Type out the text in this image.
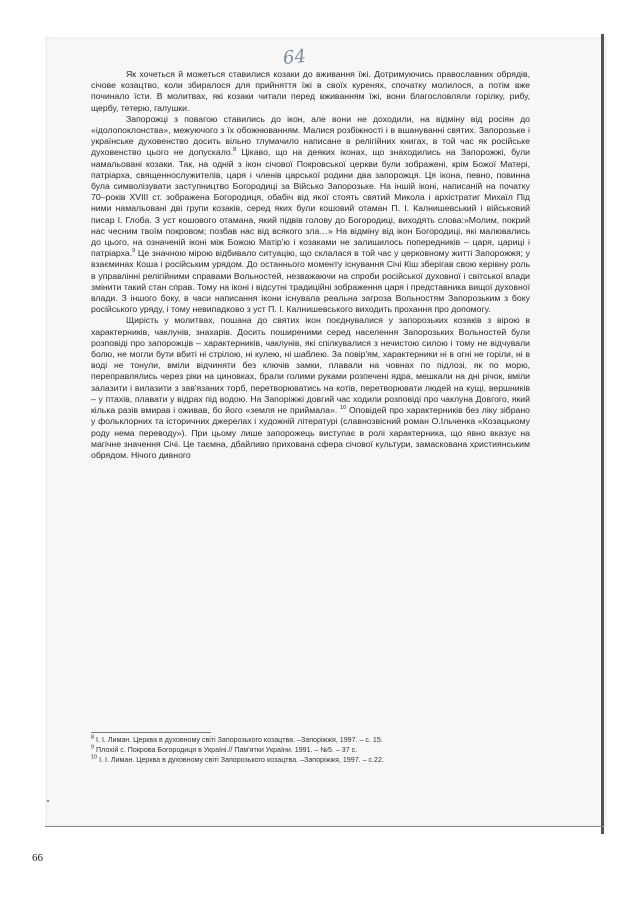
64

Як хочеться й можеться ставилися козаки до вживання їжі. Дотримуючись православних обрядів, січове козацтво, коли збиралося для прийняття їжі в своїх куренях, спочатку молилося, а потім вже починало їсти. В молитвах, які козаки читали перед вживанням їжі, вони благословляли горілку, рибу, щербу, тетерю, галушки.

Запорожці з повагою ставились до ікон, але вони не доходили, на відміну від росіян до «ідолопоклонства», межуючого з їх обожнюванням. Малися розбіжності і в вшануванні святих. Запорозьке і українське духовенство досить вільно тлумачило написане в релігійних книгах, в той час як російське духовенство цього не допускало.$^8$ Цікаво, що на деяких іконах, що знаходились на Запорожжі, були намальовані козаки. Так, на одній з ікон січової Покровської церкви були зображені, крім Божої Матері, патріарха, священнослужителів, царя і членів царської родини два запорожця. Ця ікона, певно, повинна була символізувати заступництво Богородиці за Військо Запорозьке. На іншій іконі, написаній на початку 70–років XVIII ст. зображена Богородиця, обабіч від якої стоять святий Микола і архістратиг Михаїл Під ними намальовані дві групи козаків, серед яких були кошовий отаман П. І. Калнишевський і військовий писар І. Глоба. З уст кошового отамана, який підвів голову до Богородиці, виходять слова:»Молим, покрий нас чесним твоїм покровом; позбав нас від всякого зла…» На відміну від ікон Богородиці, які малювались до цього, на означеній іконі між Божою Матір'ю і козаками не залишилось попередників – царя, цариці і патріарха.$^9$ Це значною мірою відбивало ситуацію, що склалася в той час у церковному житті Запорожжя; у взаєминах Коша і російським урядом. До останнього моменту існування Січі Кіш зберігав свою керівну роль в управлінні релігійними справами Вольностей, незважаючи на спроби російської духовної і світської влади змінити такий стан справ. Тому на іконі і відсутні традиційні зображення царя і представника вищої духовної влади. З іншого боку, в часи написання ікони існувала реальна загроза Вольностям Запорозьким з боку російського уряду, і тому невипадково з уст П. І. Калнишевського виходить прохання про допомогу.

Щирість у молитвах, пошана до святих ікон поєднувалися у запорозьких козаків з вірою в характерників, чаклунів, знахарів. Досить поширеними серед населення Запорозьких Вольностей були розповіді про запорожців – характерників, чаклунів, які спілкувалися з нечистою силою і тому не відчували болю, не могли бути вбиті ні стрілою, ні кулею, ні шаблею. За повір'ям, характерники ні в огні не горіли, ні в воді не тонули, вміли відчиняти без ключів замки, плавали на човнах по підлозі, як по морю, переправлялись через ріки на циновках, брали голими руками розпечені ядра, мешкали на дні річок, вміли залазити і вилазити з зав'язаних торб, перетворюватись на котів, перетворювати людей на кущі, вершників – у птахів, плавати у відрах під водою. На Запоріжжі довгий час ходили розповіді про чаклуна Довгого, який кілька разів вмирав і оживав, бо його «земля не приймала». $^{10}$ Оповідей про характерників без ліку зібрано у фольклорних та історичних джерелах і художній літературі (славнозвісний роман О.Ільченка «Козацькому роду нема переводу»). При цьому лише запорожець виступає в ролі характерника, що явно вказує на магічне значення Січі. Це таємна, дбайливо прихована сфера січової культури, замаскована християнським обрядом. Нічого дивного

$^8$ І. І. Лиман. Церква в духовному світі Запорозького козацтва. –Запоріжжя, 1997. – с. 15.
$^9$ Плохій с. Покрова Богородиця в Україні.// Пам'ятки України. 1991. – №5. – 37 с.
$^{10}$ І. І. Лиман. Церква в духовному світі Запорозького козацтва. –Запоріжжя, 1997. – с.22.
66
